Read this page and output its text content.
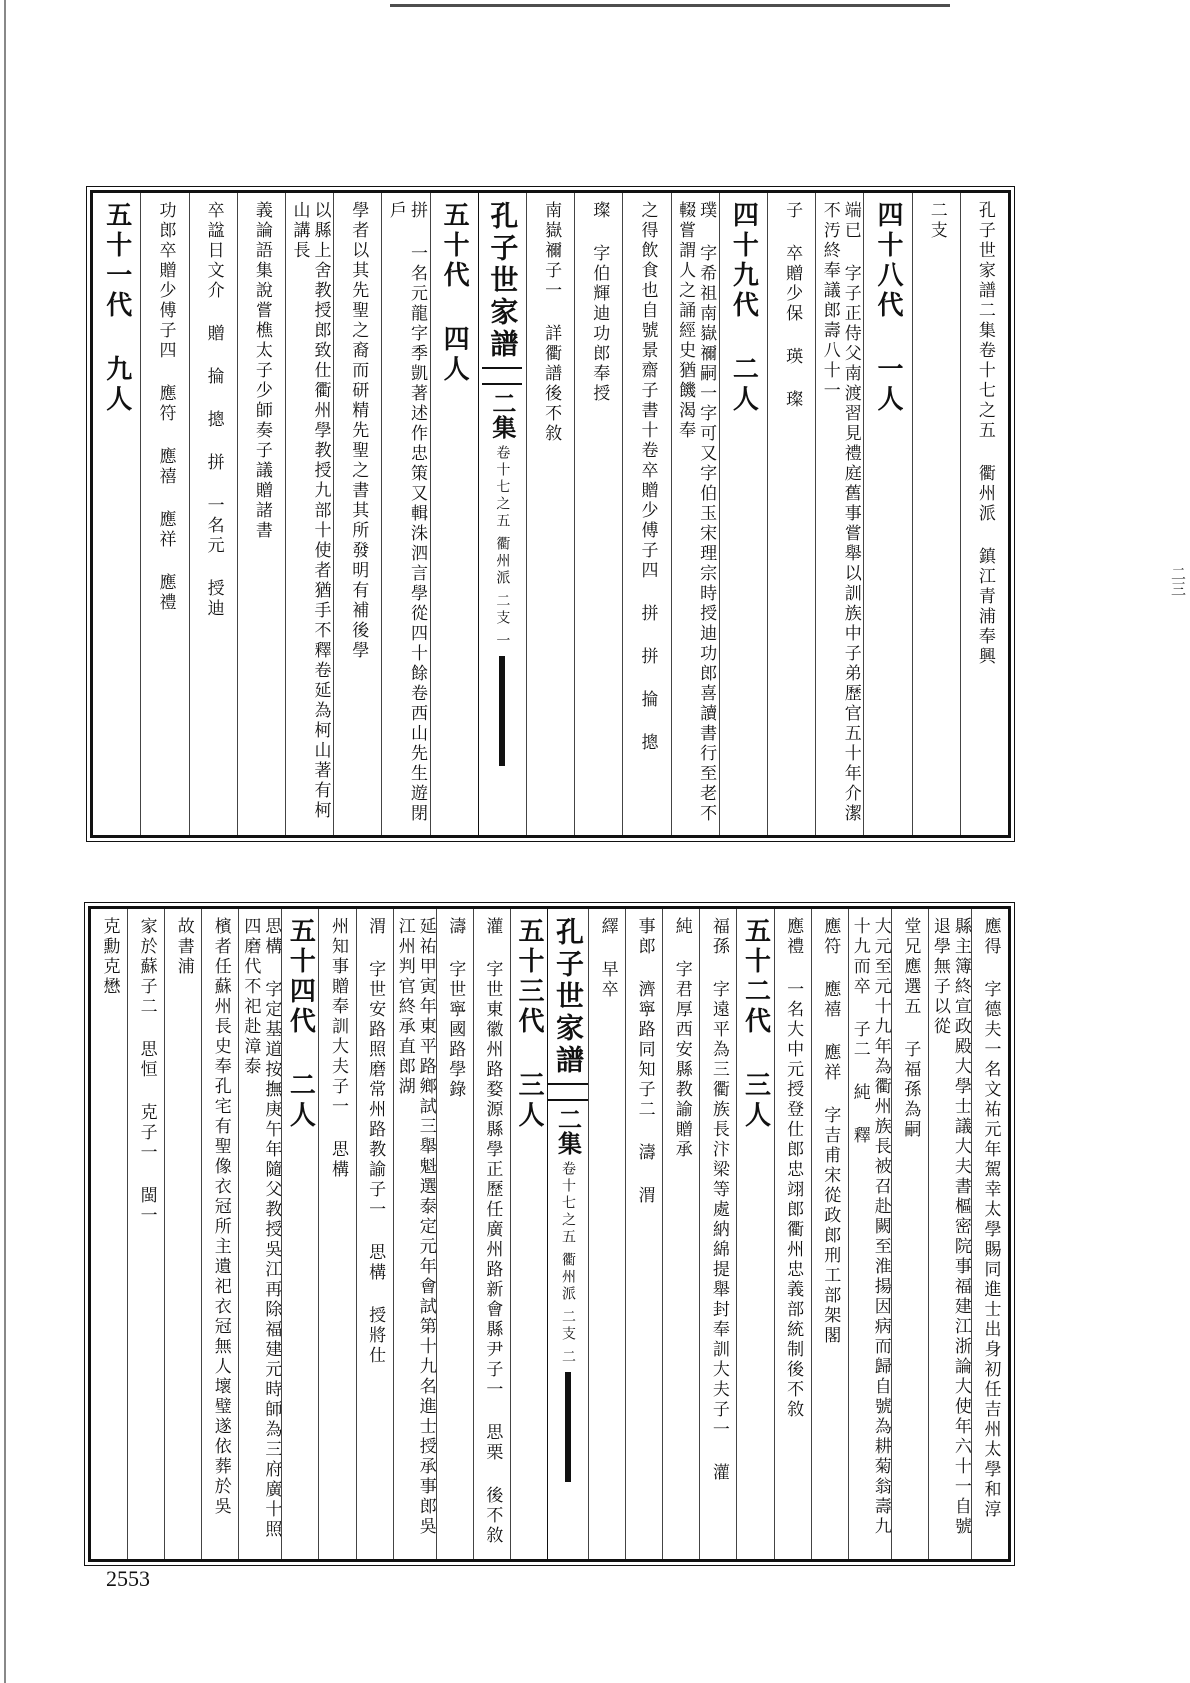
二三
孔子世家譜二集卷十七之五 衢州派 鎮江青浦奉興
二支
四十八代 一人
端已 字子正侍父南渡習見禮庭舊事嘗舉以訓族中子弟歷官五十年介潔不汚終奉議郎壽八十一
子 卒贈少保 瑛 璨
四十九代 二人
璞 字希祖南嶽禰嗣一字可又字伯玉宋理宗時授迪功郎喜讀書行至老不輟嘗謂人之誦經史猶饑渴奉
之得飲食也自號景齋子書十卷卒贈少傅子四 拼 拼 掄 摠
璨 字伯輝迪功郎奉授
南嶽禰子一 詳衢譜後不敘
孔子世家譜
二集
卷十七之五
衢州派
二支
一
五十代 四人
拼 一名元龍字季凱著述作忠策又輯洙泗言學從四十餘卷西山先生遊閉戶
學者以其先聖之裔而研精先聖之書其所發明有補後學
以縣上舍教授郎致仕衢州學教授九部十使者猶手不釋卷延為柯山著有柯山講長
義論語集說嘗樵太子少師奏子議贈諸書
卒諡日文介 贈 掄 摠 拼 一名元 授迪
功郎卒贈少傅子四 應符 應禧 應祥 應禮
五十一代 九人
應得 字德夫一名文祐元年駕幸太學賜同進士出身初任吉州太學和淳
縣主簿終宣政殿大學士議大夫書樞密院事福建江浙論大使年六十一自號退學無子以從
堂兄應選五 子福孫為嗣
大元至元十九年為衢州族長被召赴闕至淮揚因病而歸自號為耕菊翁壽九十九而卒 子二 純 釋
應符 應禧 應祥 字吉甫宋從政郎刑工部架閣
應禮 一名大中元授登仕郎忠翊郎衢州忠義部統制後不敘
五十二代 三人
福孫 字遠平為三衢族長汴梁等處納綿提舉封奉訓大夫子一 灌
純 字君厚西安縣教諭贈承
事郎 濟寧路同知子二 濤 渭
繹 早卒
孔子世家譜
二集
卷十七之五
衢州派
二支
二
五十三代 三人
灌 字世東徽州路婺源縣學正歷任廣州路新會縣尹子一 思栗 後不敘
濤 字世寧國路學錄
延祐甲寅年東平路鄉試三舉魁選泰定元年會試第十九名進士授承事郎吳江州判官終承直郎湖
渭 字世安路照磨常州路教諭子一 思構 授將仕
州知事贈奉訓大夫子一 思構
五十四代 二人
思構 字定基道按撫庚午年隨父教授吳江再除福建元時師為三府廣十照四磨代不祀赴漳泰
檳者任蘇州長史奉孔宅有聖像衣冠所主遺祀衣冠無人壞璧遂依葬於吳
故書浦
家於蘇子二 思恒 克子一 閩一
克勳克懋
2553
